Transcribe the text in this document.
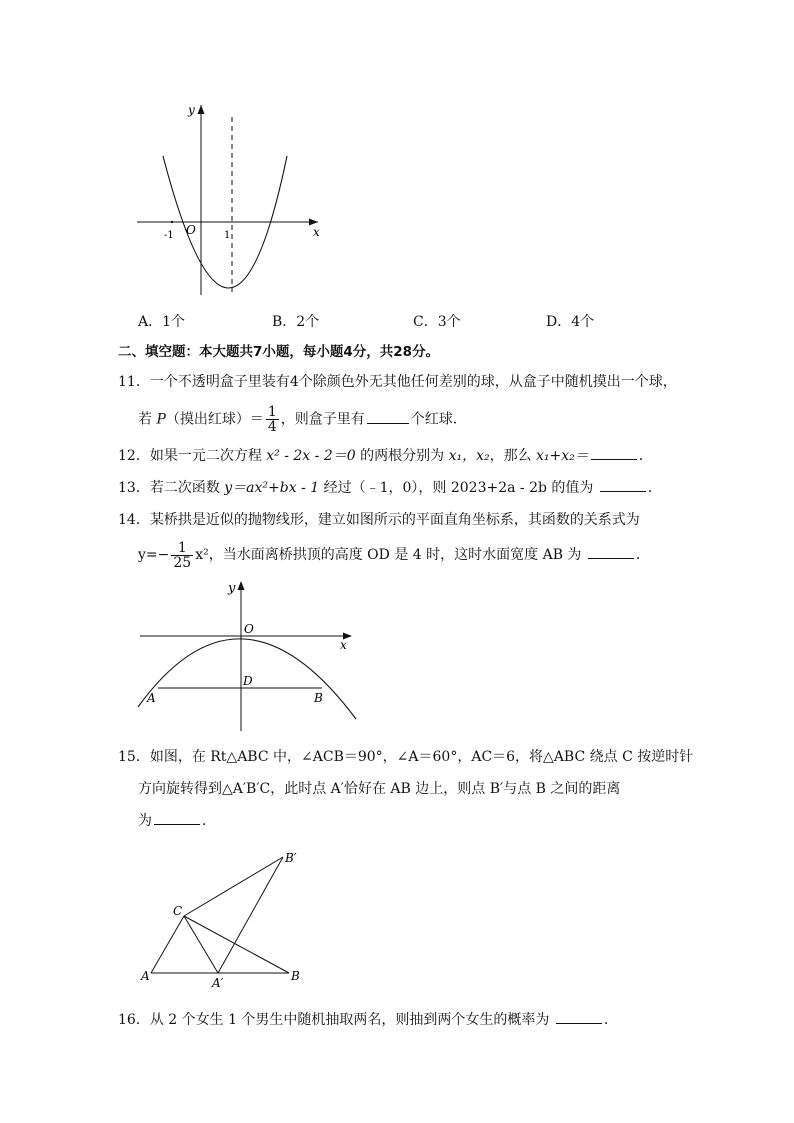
y
x
O
-1	1
A．1个	B．2个	C．3个	D．4个
二、填空题：本大题共7小题，每小题4分，共28分。
11．一个不透明盒子里装有4个除颜色外无其他任何差别的球，从盒子中随机摸出一个球，
若 P（摸出红球）＝ $\frac{1}{4}$ ，则盒子里有	个红球．
12．如果一元二次方程 x² - 2x - 2＝0 的两根分别为 x₁，x₂，那么 x₁+x₂＝	．
13．若二次函数 y＝ax²+bx - 1 经过（﹣1，0），则 2023+2a - 2b 的值为	．
14．某桥拱是近似的抛物线形，建立如图所示的平面直角坐标系，其函数的关系式为
$y=- \frac{1}{25} x^2$，当水面离桥拱顶的高度 OD 是 4 时，这时水面宽度 AB 为	．
y
O
x
D
A	B
15．如图，在 Rt△ABC 中，∠ACB＝90°，∠A＝60°，AC＝6，将△ABC 绕点 C 按逆时针
方向旋转得到△A′B′C，此时点 A′恰好在 AB 边上，则点 B′与点 B 之间的距离
为	．
B′
C
A	A′	B
16．从 2 个女生 1 个男生中随机抽取两名，则抽到两个女生的概率为	．
